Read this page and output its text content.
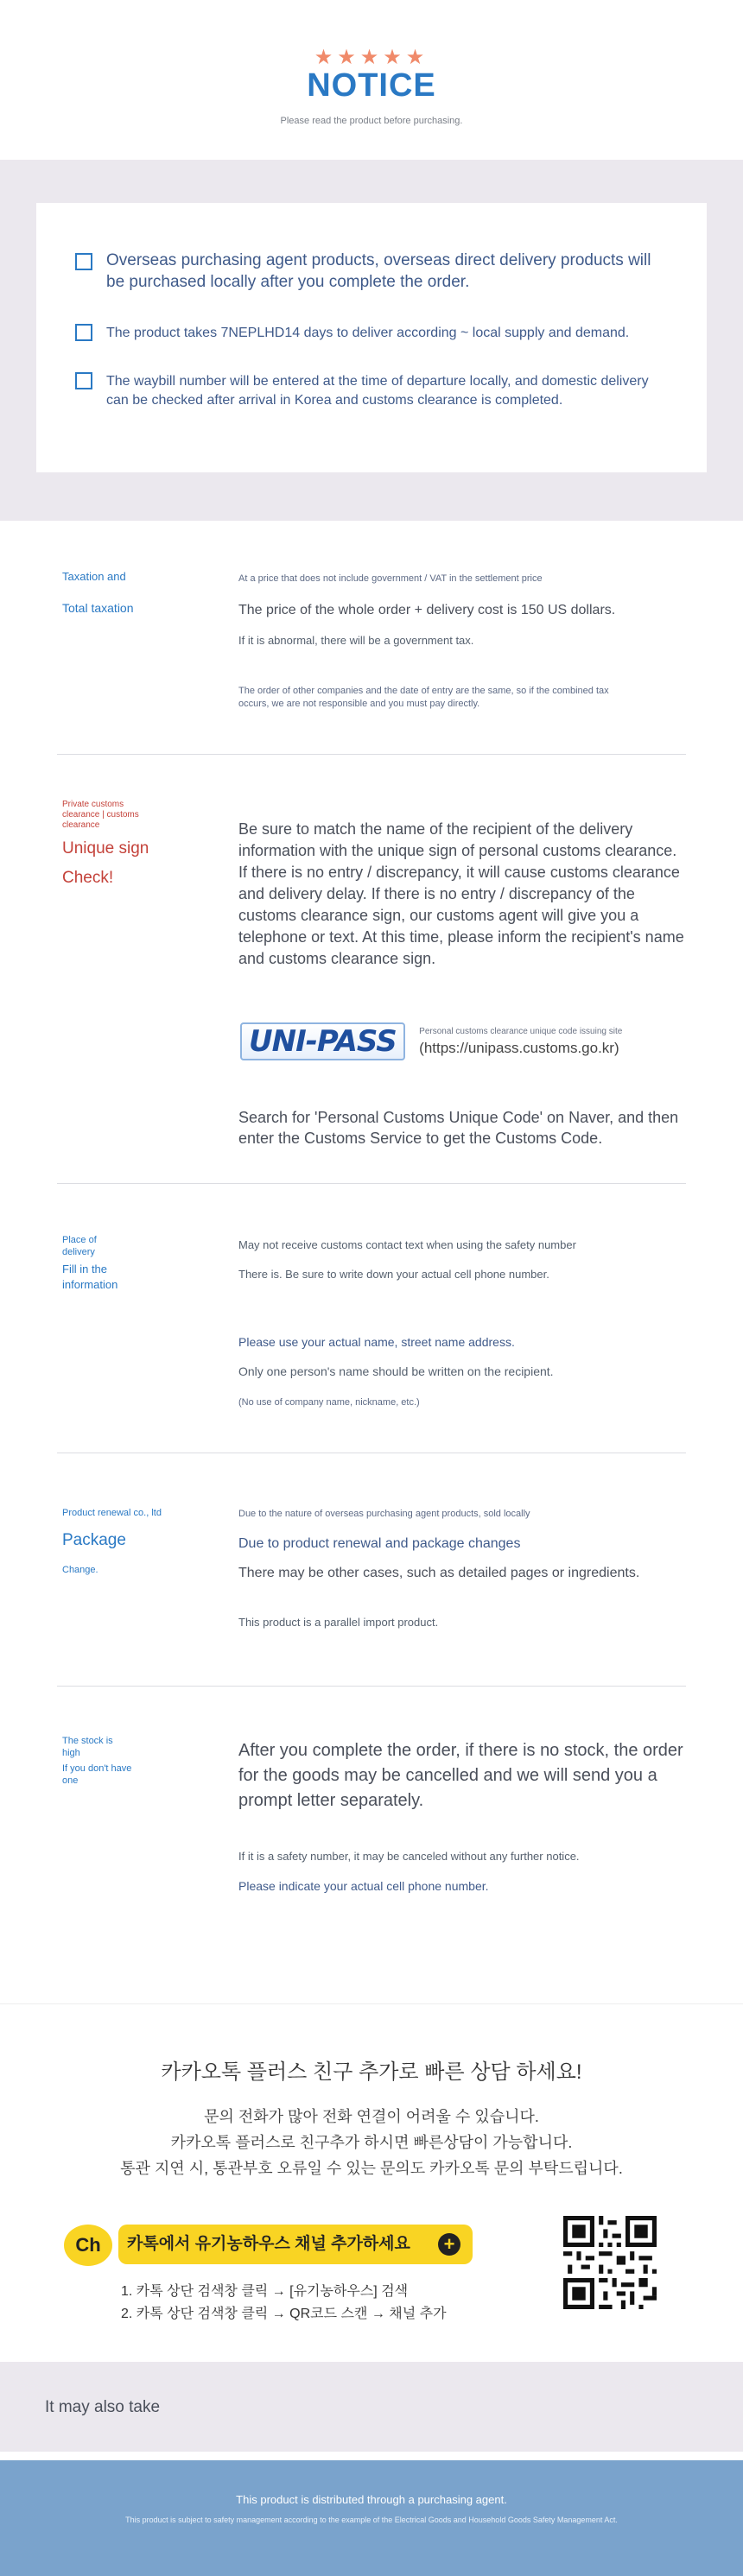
★★★★★
NOTICE
Please read the product before purchasing.
Overseas purchasing agent products, overseas direct delivery products will be purchased locally after you complete the order.
The product takes 7NEPLHD14 days to deliver according ~ local supply and demand.
The waybill number will be entered at the time of departure locally, and domestic delivery can be checked after arrival in Korea and customs clearance is completed.
Taxation and
Total taxation
At a price that does not include government / VAT in the settlement price
The price of the whole order + delivery cost is 150 US dollars.
If it is abnormal, there will be a government tax.
The order of other companies and the date of entry are the same, so if the combined tax occurs, we are not responsible and you must pay directly.
Private customs clearance | customs clearance
Unique sign
Check!
Be sure to match the name of the recipient of the delivery information with the unique sign of personal customs clearance. If there is no entry / discrepancy, it will cause customs clearance and delivery delay. If there is no entry / discrepancy of the customs clearance sign, our customs agent will give you a telephone or text. At this time, please inform the recipient's name and customs clearance sign.
UNI-PASS	Personal customs clearance unique code issuing site
(https://unipass.customs.go.kr)
Search for 'Personal Customs Unique Code' on Naver, and then enter the Customs Service to get the Customs Code.
Place of delivery
Fill in the information
May not receive customs contact text when using the safety number
There is. Be sure to write down your actual cell phone number.
Please use your actual name, street name address.
Only one person's name should be written on the recipient.
(No use of company name, nickname, etc.)
Product renewal co., ltd
Package
Change.
Due to the nature of overseas purchasing agent products, sold locally
Due to product renewal and package changes
There may be other cases, such as detailed pages or ingredients.
This product is a parallel import product.
The stock is high
If you don't have one
After you complete the order, if there is no stock, the order for the goods may be cancelled and we will send you a prompt letter separately.
If it is a safety number, it may be canceled without any further notice.
Please indicate your actual cell phone number.
카카오톡 플러스 친구 추가로 빠른 상담 하세요!
문의 전화가 많아 전화 연결이 어려울 수 있습니다.
카카오톡 플러스로 친구추가 하시면 빠른상담이 가능합니다.
통관 지연 시, 통관부호 오류일 수 있는 문의도 카카오톡 문의 부탁드립니다.
Ch	카톡에서 유기농하우스 채널 추가하세요 +
1. 카톡 상단 검색창 클릭 → [유기농하우스] 검색
2. 카톡 상단 검색창 클릭 → QR코드 스캔 → 채널 추가
It may also take
This product is distributed through a purchasing agent.
This product is subject to safety management according to the example of the Electrical Goods and Household Goods Safety Management Act.
